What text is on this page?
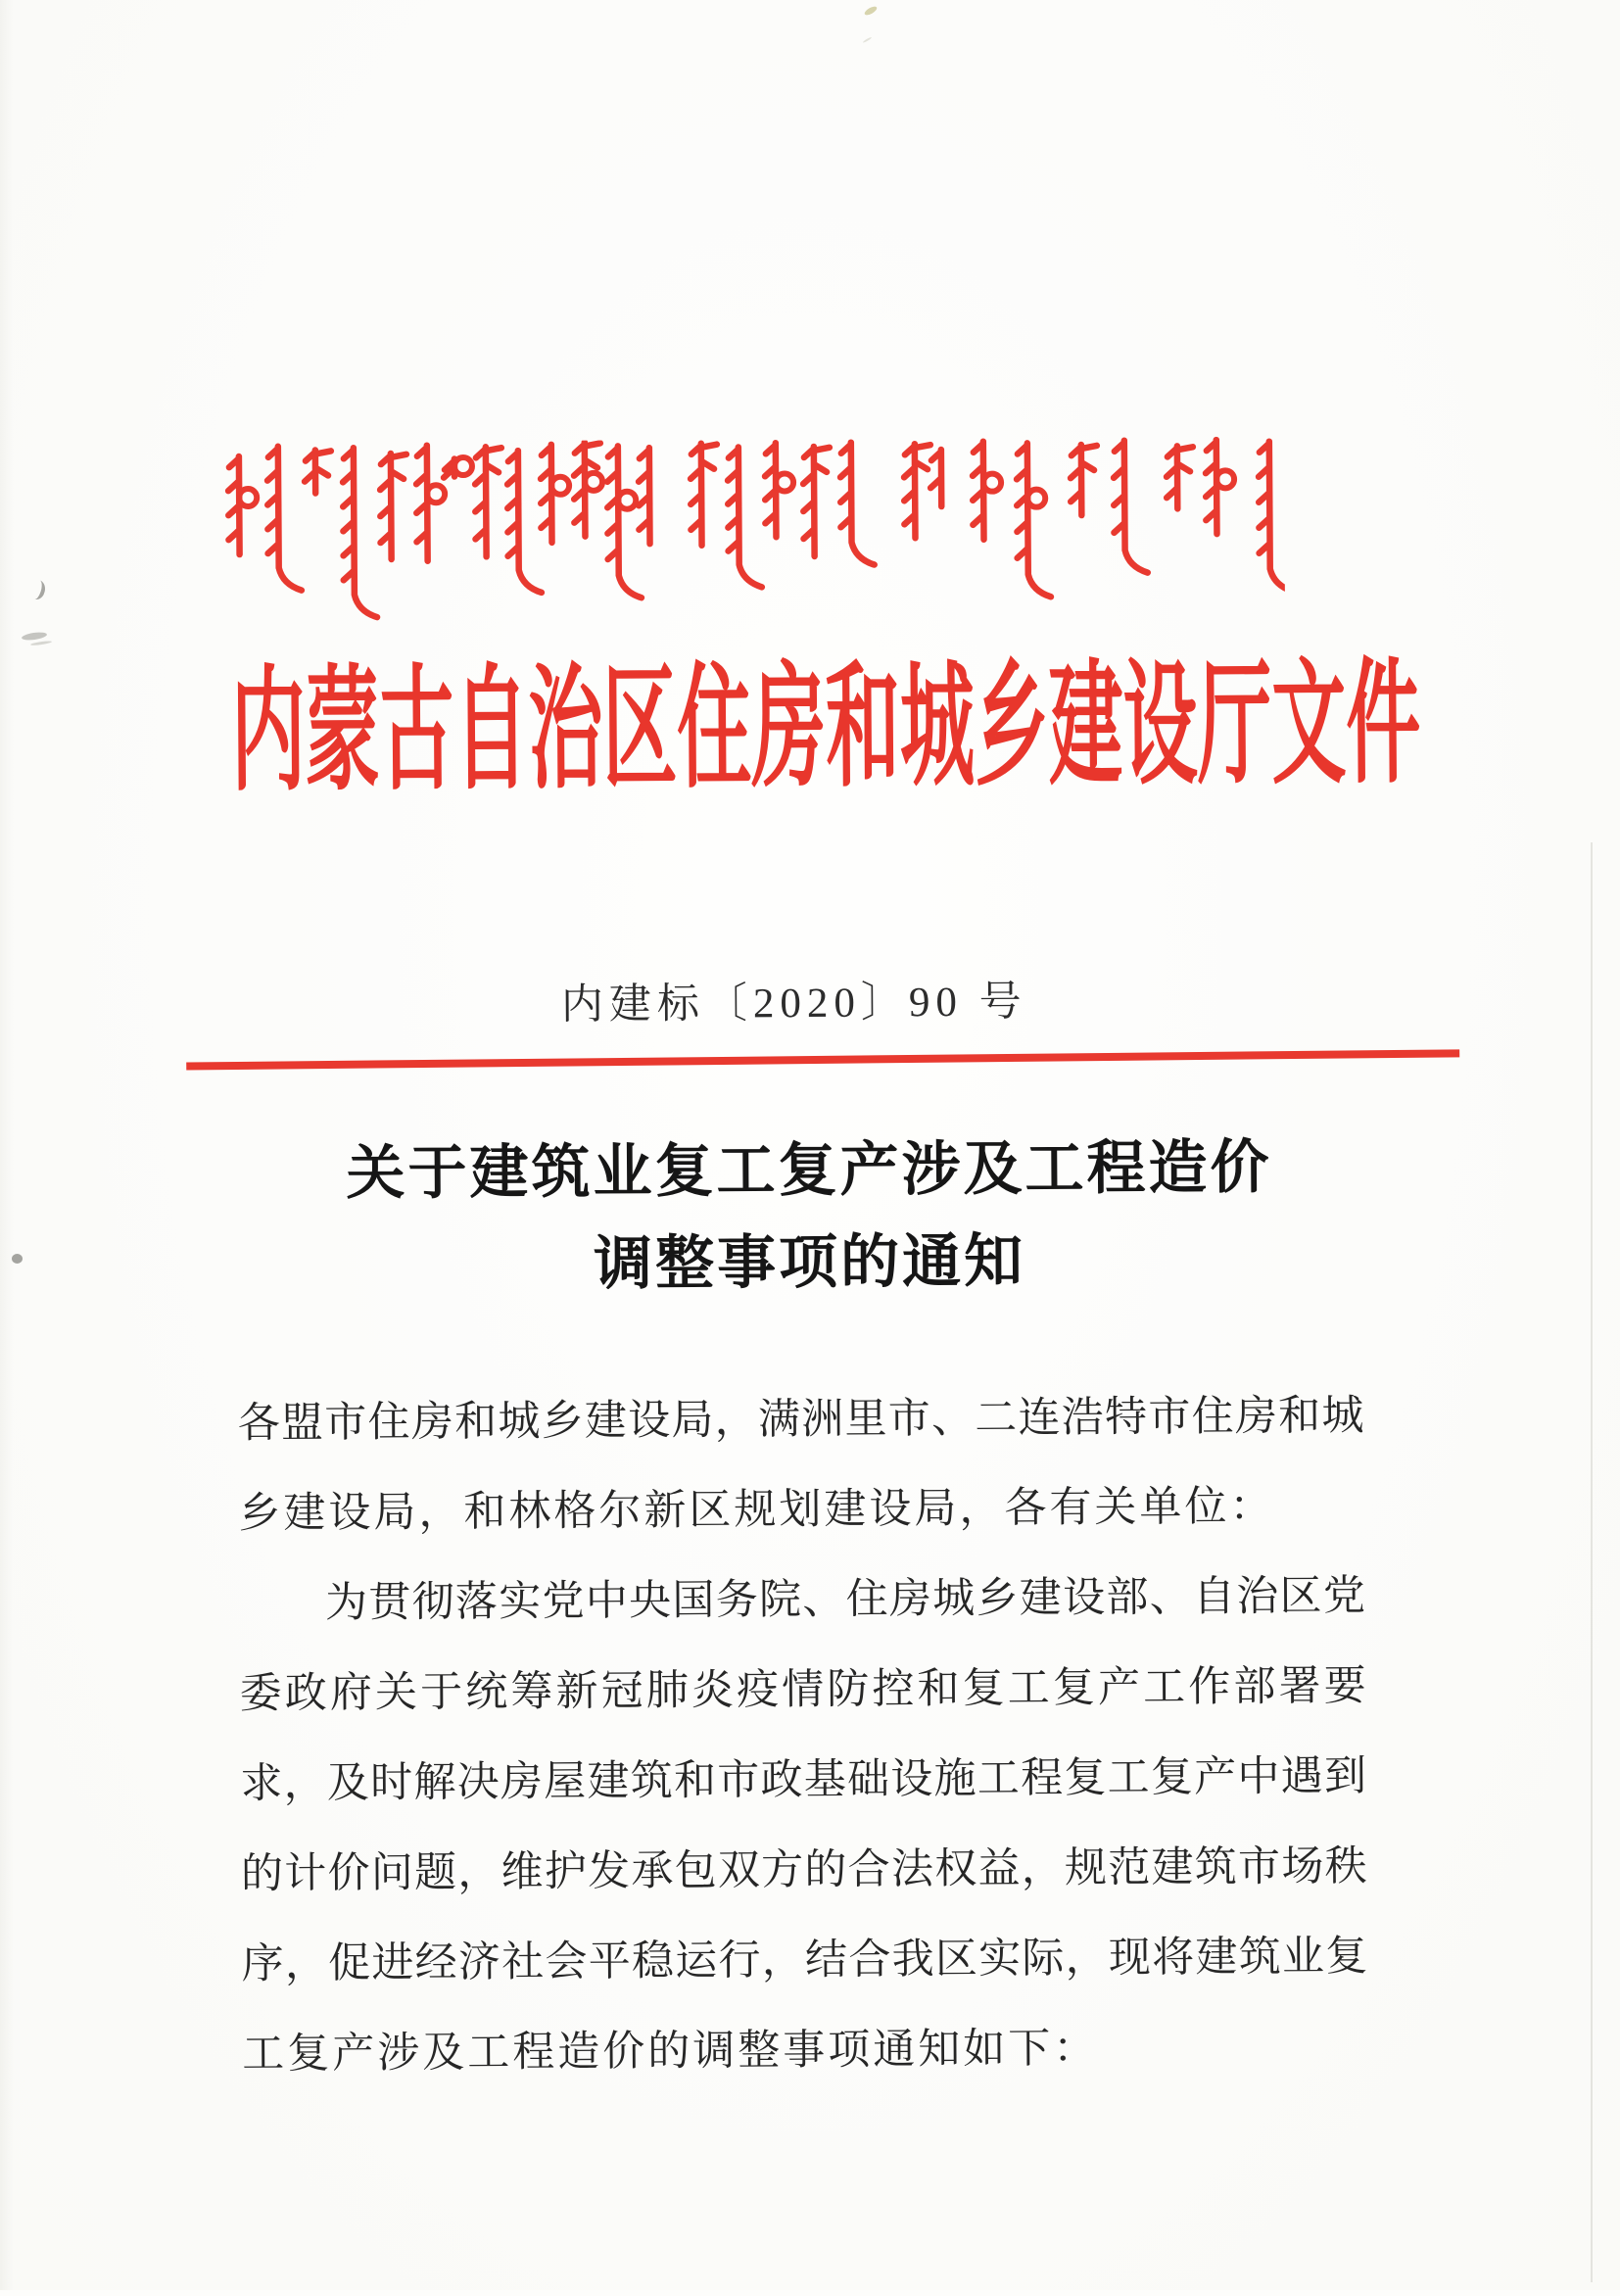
内蒙古自治区住房和城乡建设厅文件
内建标〔2020〕90 号
关于建筑业复工复产涉及工程造价
调整事项的通知
各 盟 市 住 房 和 城 乡 建 设 局 ， 满 洲 里 市 、 二 连 浩 特 市 住 房 和 城
乡建设局，和林格尔新区规划建设局，各有关单位：
为 贯 彻 落 实 党 中 央 国 务 院 、 住 房 城 乡 建 设 部 、 自 治 区 党
委 政 府 关 于 统 筹 新 冠 肺 炎 疫 情 防 控 和 复 工 复 产 工 作 部 署 要
求 ， 及 时 解 决 房 屋 建 筑 和 市 政 基 础 设 施 工 程 复 工 复 产 中 遇 到
的 计 价 问 题 ， 维 护 发 承 包 双 方 的 合 法 权 益 ， 规 范 建 筑 市 场 秩
序 ， 促 进 经 济 社 会 平 稳 运 行 ， 结 合 我 区 实 际 ， 现 将 建 筑 业 复
工复产涉及工程造价的调整事项通知如下：
